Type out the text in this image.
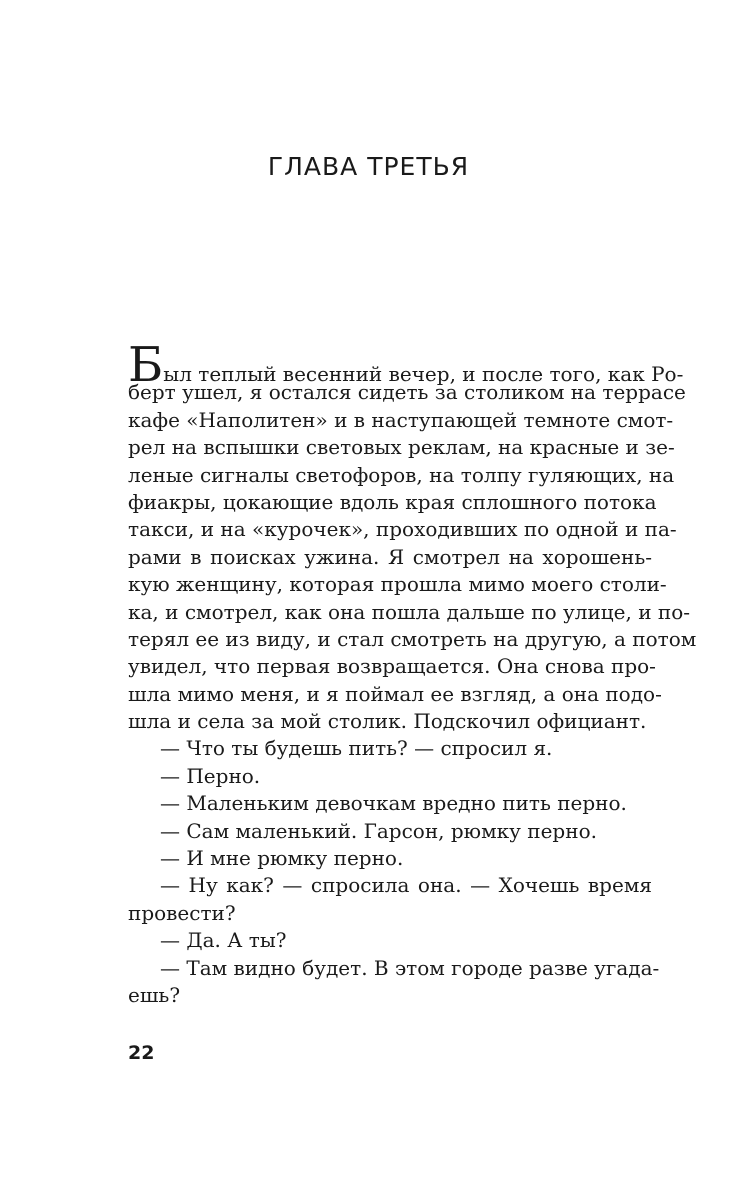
ГЛАВА ТРЕТЬЯ
Был теплый весенний вечер, и после того, как Ро-
берт ушел, я остался сидеть за столиком на террасе
кафе «Наполитен» и в наступающей темноте смот-
рел на вспышки световых реклам, на красные и зе-
леные сигналы светофоров, на толпу гуляющих, на
фиакры, цокающие вдоль края сплошного потока
такси, и на «курочек», проходивших по одной и па-
рами в поисках ужина. Я смотрел на хорошень-
кую женщину, которая прошла мимо моего столи-
ка, и смотрел, как она пошла дальше по улице, и по-
терял ее из виду, и стал смотреть на другую, а потом
увидел, что первая возвращается. Она снова про-
шла мимо меня, и я поймал ее взгляд, а она подо-
шла и села за мой столик. Подскочил официант.
— Что ты будешь пить? — спросил я.
— Перно.
— Маленьким девочкам вредно пить перно.
— Сам маленький. Гарсон, рюмку перно.
— И мне рюмку перно.
— Ну как? — спросила она. — Хочешь время
провести?
— Да. А ты?
— Там видно будет. В этом городе разве угада-
ешь?
22
